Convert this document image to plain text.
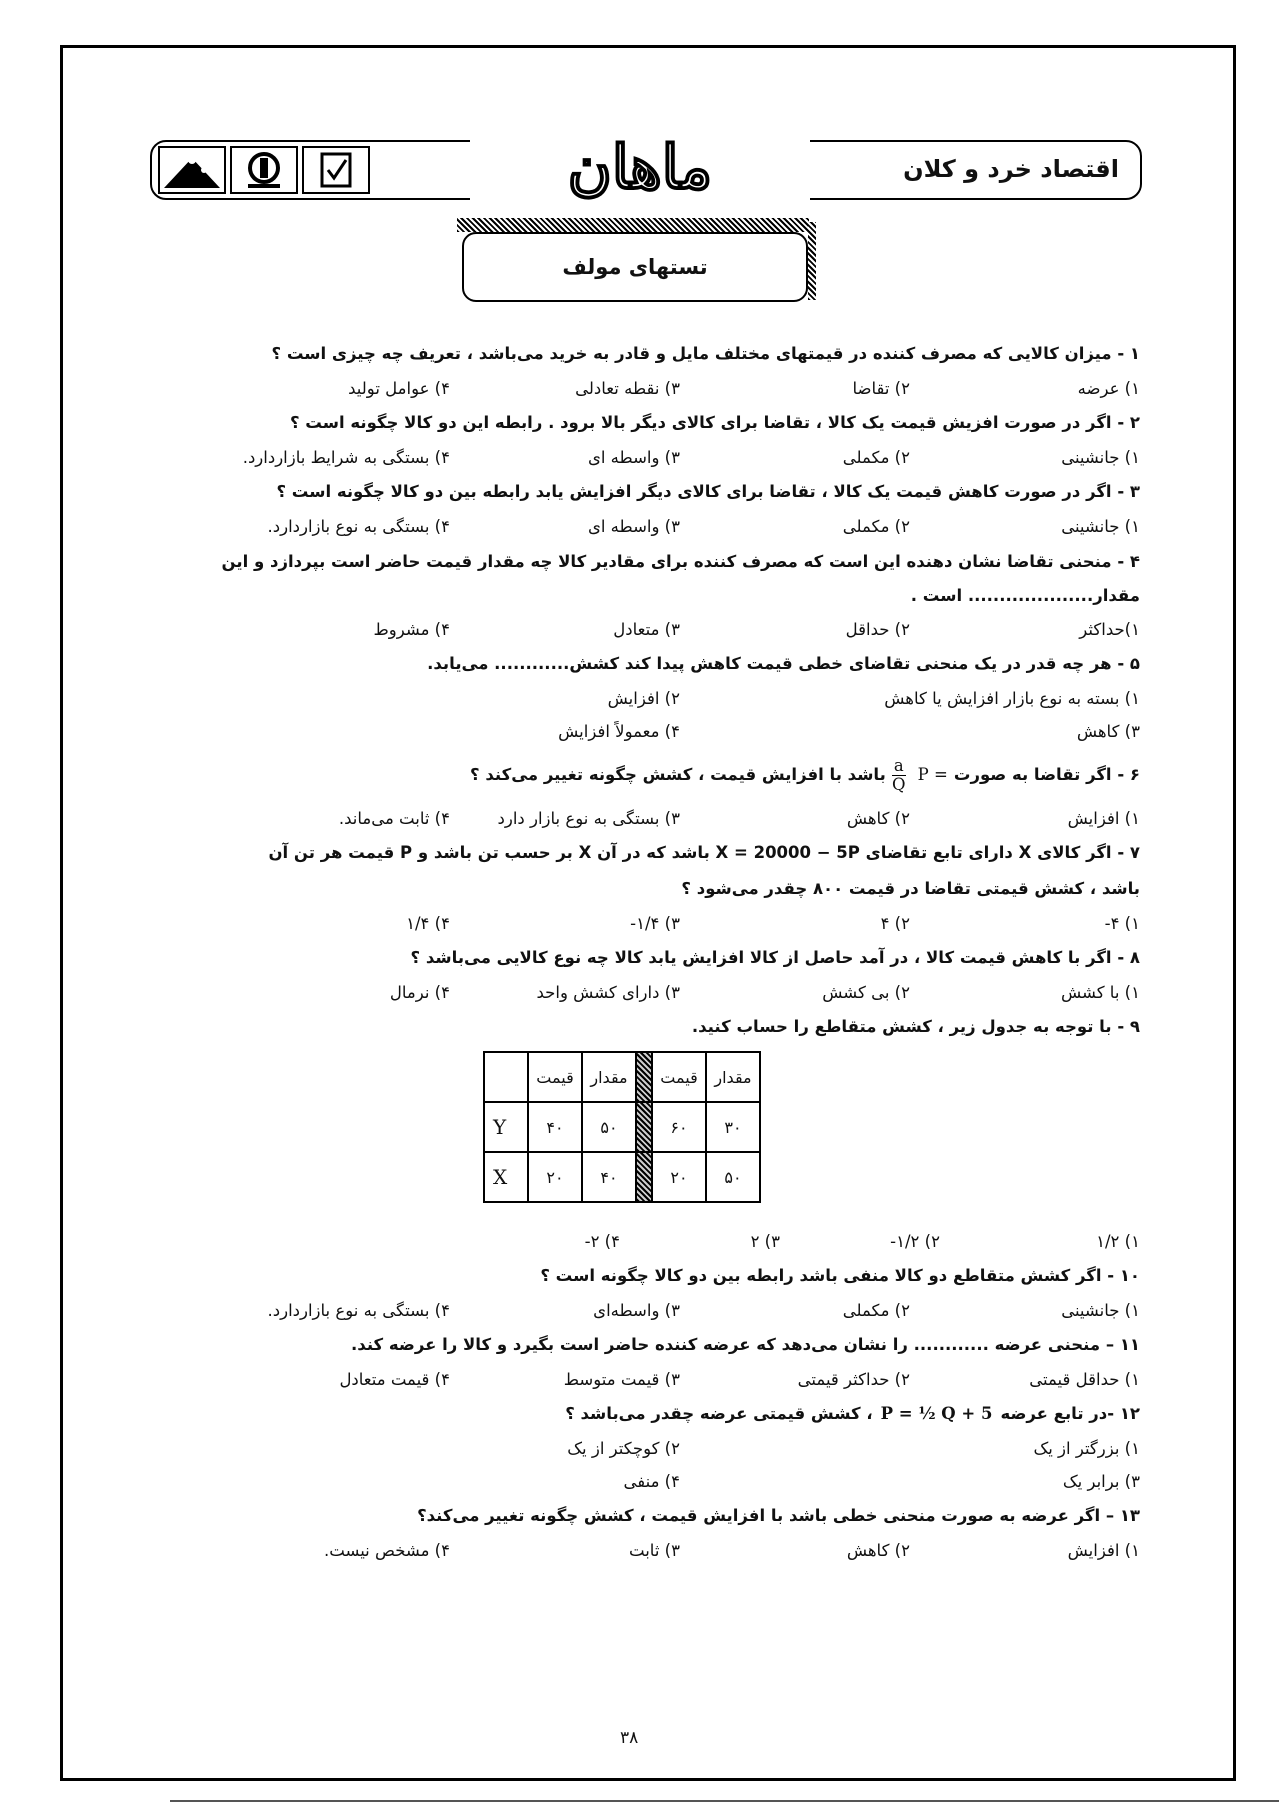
اقتصاد خرد و کلان
ماهان
تستهای مولف

۱ - میزان کالایی که مصرف کننده در قیمتهای مختلف مایل و قادر به خرید می‌باشد ، تعریف چه چیزی است ؟

۱) عرضه
۲) تقاضا
۳) نقطه تعادلی
۴) عوامل تولید

۲ - اگر در صورت افزیش قیمت یک کالا ، تقاضا برای کالای دیگر بالا برود . رابطه این دو کالا چگونه است ؟

۱) جانشینی
۲) مکملی
۳) واسطه ای
۴) بستگی به شرایط بازاردارد.

۳ - اگر در صورت کاهش قیمت یک کالا ، تقاضا برای کالای دیگر افزایش یابد رابطه بین دو کالا چگونه است ؟

۱) جانشینی
۲) مکملی
۳) واسطه ای
۴) بستگی به نوع بازاردارد.

۴ - منحنی تقاضا نشان دهنده این است که مصرف کننده برای مقادیر کالا چه مقدار قیمت حاضر است بپردازد و این مقدار.................... است .

۱)حداکثر
۲) حداقل
۳) متعادل
۴) مشروط

۵ - هر چه قدر در یک منحنی تقاضای خطی قیمت کاهش پیدا کند کشش............ می‌یابد.

۱) بسته به نوع بازار افزایش یا کاهش
۲) افزایش
۳) کاهش
۴) معمولاً افزایش
۶ - اگر تقاضا به صورت
P =
$\frac{a}{Q}$
باشد با افزایش قیمت ، کشش چگونه تغییر می‌کند ؟
۱) افزایش
۲) کاهش
۳) بستگی به نوع بازار دارد
۴) ثابت می‌ماند.

۷ - اگر کالای X دارای تابع تقاضای X = 20000 − 5P باشد که در آن X بر حسب تن باشد و P قیمت هر تن آن

باشد ، کشش قیمتی تقاضا در قیمت ۸۰۰ چقدر می‌شود ؟

۱) ۴-
۲) ۴
۳) ۱/۴-
۴) ۱/۴

۸ - اگر با کاهش قیمت کالا ، در آمد حاصل از کالا افزایش یابد کالا چه نوع کالایی می‌باشد ؟

۱) با کشش
۲) بی کشش
۳) دارای کشش واحد
۴) نرمال

۹ - با توجه به جدول زیر ، کشش متقاطع را حساب کنید.

	قیمت	مقدار		قیمت	مقدار
Y	۴۰	۵۰		۶۰	۳۰
X	۲۰	۴۰		۲۰	۵۰
۱) ۱/۲
۲) ۱/۲-
۳) ۲
۴) ۲-

۱۰ - اگر کشش متقاطع دو کالا منفی باشد رابطه بین دو کالا چگونه است ؟

۱) جانشینی
۲) مکملی
۳) واسطه‌ای
۴) بستگی به نوع بازاردارد.

۱۱ – منحنی عرضه ............ را نشان می‌دهد که عرضه کننده حاضر است بگیرد و کالا را عرضه کند.

۱) حداقل قیمتی
۲) حداکثر قیمتی
۳) قیمت متوسط
۴) قیمت متعادل
۱۲ -در تابع عرضه
P = ½ Q + 5
، کشش قیمتی عرضه چقدر می‌باشد ؟
۱) بزرگتر از یک
۲) کوچکتر از یک
۳) برابر یک
۴) منفی

۱۳ – اگر عرضه به صورت منحنی خطی باشد با افزایش قیمت ، کشش چگونه تغییر می‌کند؟

۱) افزایش
۲) کاهش
۳) ثابت
۴) مشخص نیست.
۳۸
